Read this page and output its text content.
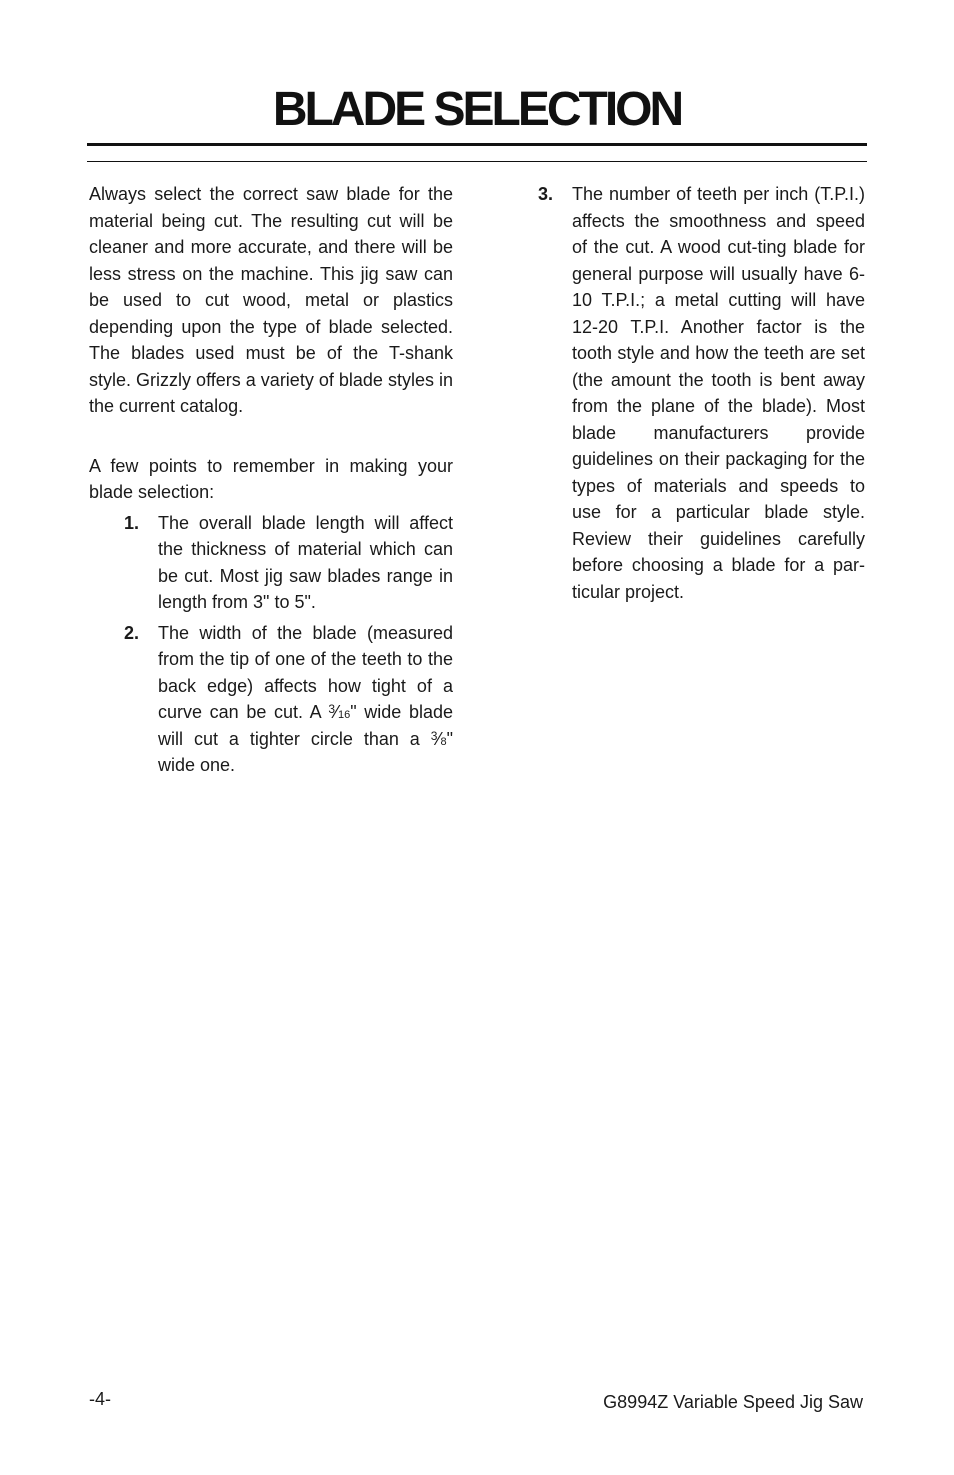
BLADE SELECTION

Always select the correct saw blade for the material being cut. The resulting cut will be cleaner and more accurate, and there will be less stress on the machine. This jig saw can be used to cut wood, metal or plastics depending upon the type of blade selected. The blades used must be of the T-shank style. Grizzly offers a variety of blade styles in the current catalog.

A few points to remember in making your blade selection:

1.	The overall blade length will affect the thickness of material which can be cut. Most jig saw blades range in length from 3" to 5".
2.	The width of the blade (measured from the tip of one of the teeth to the back edge) affects how tight of a curve can be cut. A $^3$⁄16" wide blade will cut a tighter circle than a $^3$⁄8" wide one.
3.	The number of teeth per inch (T.P.I.) affects the smoothness and speed of the cut. A wood cut-ting blade for general purpose will usually have 6-10 T.P.I.; a metal cutting will have 12-20 T.P.I. Another factor is the tooth style and how the teeth are set (the amount the tooth is bent away from the plane of the blade). Most blade manufacturers provide guidelines on their packaging for the types of materials and speeds to use for a particular blade style. Review their guidelines carefully before choosing a blade for a par-ticular project.
-4-	G8994Z Variable Speed Jig Saw
